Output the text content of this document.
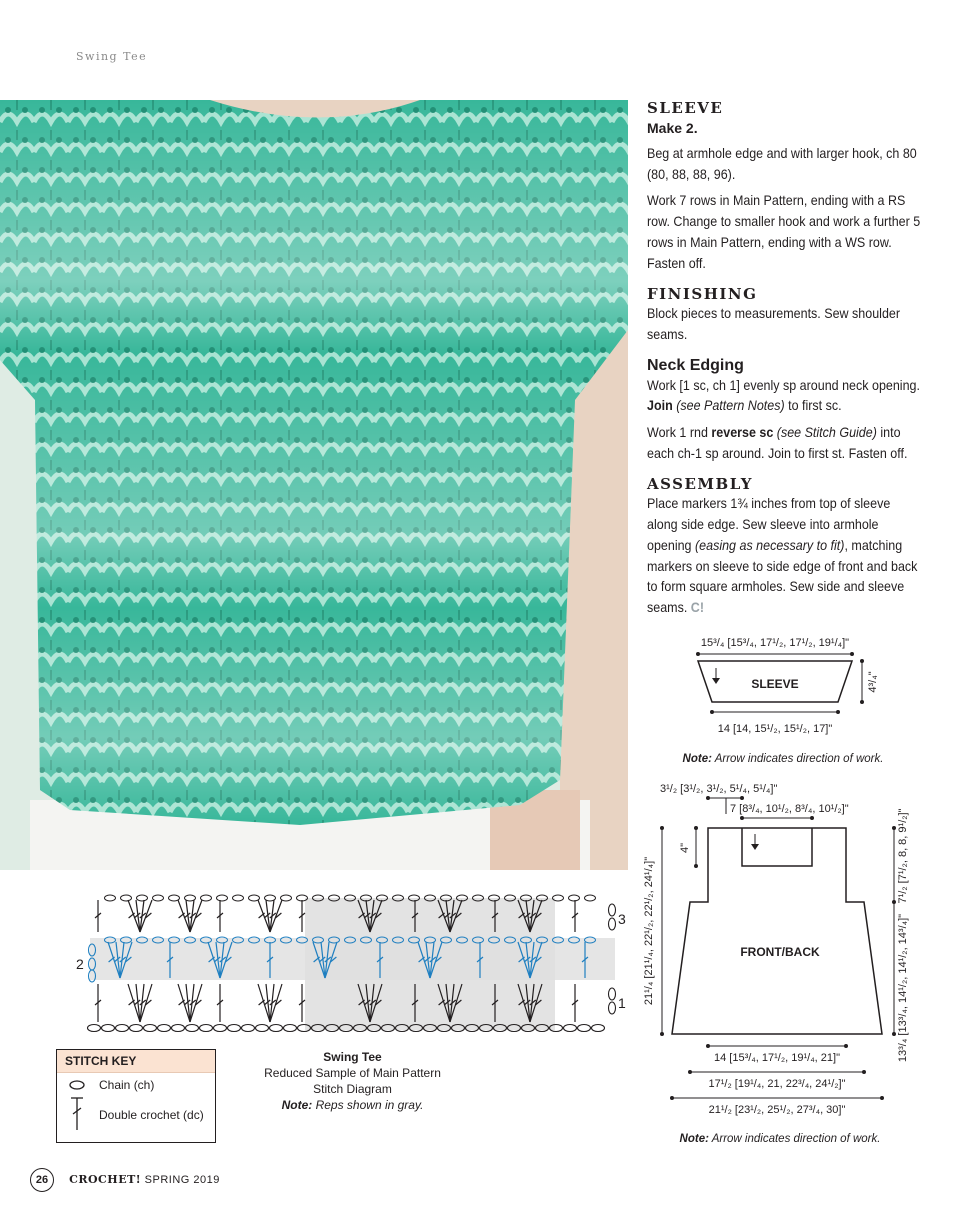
Swing Tee
SLEEVE
Make 2.

Beg at armhole edge and with larger hook, ch 80 (80, 88, 88, 96).

Work 7 rows in Main Pattern, ending with a RS row. Change to smaller hook and work a further 5 rows in Main Pattern, ending with a WS row. Fasten off.

FINISHING

Block pieces to measurements. Sew shoulder seams.

Neck Edging

Work [1 sc, ch 1] evenly sp around neck opening. Join (see Pattern Notes) to first sc.

Work 1 rnd reverse sc (see Stitch Guide) into each ch-1 sp around. Join to first st. Fasten off.

ASSEMBLY

Place markers 1¾ inches from top of sleeve along side edge. Sew sleeve into armhole opening (easing as necessary to fit), matching markers on sleeve to side edge of front and back to form square armholes. Sew side and sleeve seams. C!

15³/₄ [15³/₄, 17¹/₂, 17¹/₂, 19¹/₄]"
SLEEVE	4³/₄"
14 [14, 15¹/₂, 15¹/₂, 17]"
Note: Arrow indicates direction of work.
3¹/₂ [3¹/₂, 3¹/₂, 5¹/₄, 5¹/₄]"
7 [8³/₄, 10¹/₂, 8³/₄, 10¹/₂]"
4"
FRONT/BACK
21¹/₄ [21¹/₄, 22¹/₂, 22¹/₂, 24¹/₄]"
7¹/₂ [7¹/₂, 8, 8, 9¹/₂]"
13³/₄ [13³/₄, 14¹/₂, 14¹/₂, 14³/₄]"
14 [15³/₄, 17¹/₂, 19¹/₄, 21]"
17¹/₂ [19¹/₄, 21, 22³/₄, 24¹/₂]"
21¹/₂ [23¹/₂, 25¹/₂, 27³/₄, 30]"
Note: Arrow indicates direction of work.
3
2
1
STITCH KEY
Chain (ch)
Double crochet (dc)
Swing Tee
Reduced Sample of Main Pattern
Stitch Diagram
Note: Reps shown in gray.
26 CROCHET! SPRING 2019
